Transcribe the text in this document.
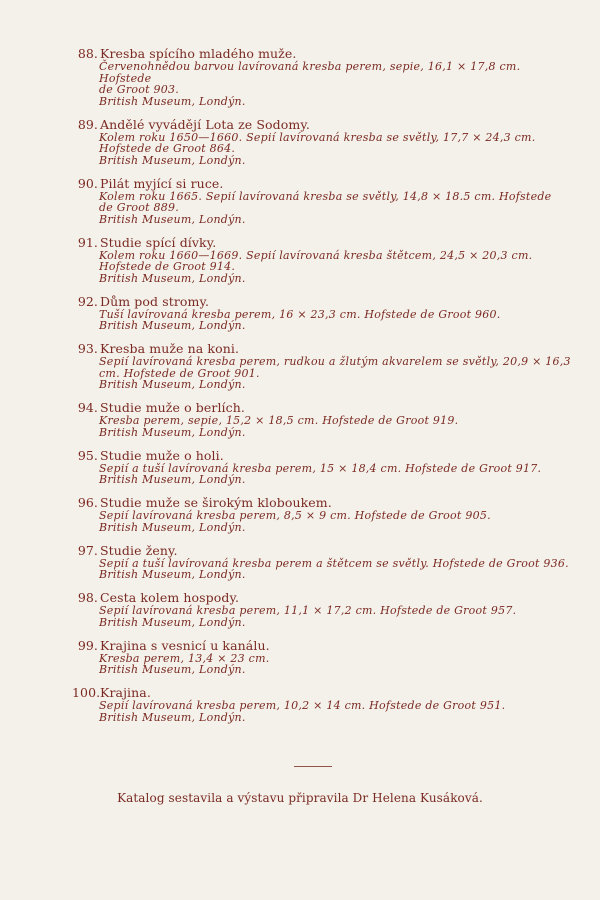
88. Kresba spícího mladého muže.
Červenohnědou barvou lavírovaná kresba perem, sepie, 16,1 × 17,8 cm. Hofstede
de Groot 903.
British Museum, Londýn.
89. Andělé vyvádějí Lota ze Sodomy.
Kolem roku 1650—1660. Sepií lavírovaná kresba se světly, 17,7 × 24,3 cm.
Hofstede de Groot 864.
British Museum, Londýn.
90. Pilát myjící si ruce.
Kolem roku 1665. Sepií lavírovaná kresba se světly, 14,8 × 18.5 cm. Hofstede
de Groot 889.
British Museum, Londýn.
91. Studie spící dívky.
Kolem roku 1660—1669. Sepií lavírovaná kresba štětcem, 24,5 × 20,3 cm.
Hofstede de Groot 914.
British Museum, Londýn.
92. Dům pod stromy.
Tuší lavírovaná kresba perem, 16 × 23,3 cm. Hofstede de Groot 960.
British Museum, Londýn.
93. Kresba muže na koni.
Sepií lavírovaná kresba perem, rudkou a žlutým akvarelem se světly, 20,9 × 16,3
cm. Hofstede de Groot 901.
British Museum, Londýn.
94. Studie muže o berlích.
Kresba perem, sepie, 15,2 × 18,5 cm. Hofstede de Groot 919.
British Museum, Londýn.
95. Studie muže o holi.
Sepií a tuší lavírovaná kresba perem, 15 × 18,4 cm. Hofstede de Groot 917.
British Museum, Londýn.
96. Studie muže se širokým kloboukem.
Sepií lavírovaná kresba perem, 8,5 × 9 cm. Hofstede de Groot 905.
British Museum, Londýn.
97. Studie ženy.
Sepií a tuší lavírovaná kresba perem a štětcem se světly. Hofstede de Groot 936.
British Museum, Londýn.
98. Cesta kolem hospody.
Sepií lavírovaná kresba perem, 11,1 × 17,2 cm. Hofstede de Groot 957.
British Museum, Londýn.
99. Krajina s vesnicí u kanálu.
Kresba perem, 13,4 × 23 cm.
British Museum, Londýn.
100.Krajina.
Sepií lavírovaná kresba perem, 10,2 × 14 cm. Hofstede de Groot 951.
British Museum, Londýn.
Katalog sestavila a výstavu připravila Dr Helena Kusáková.
